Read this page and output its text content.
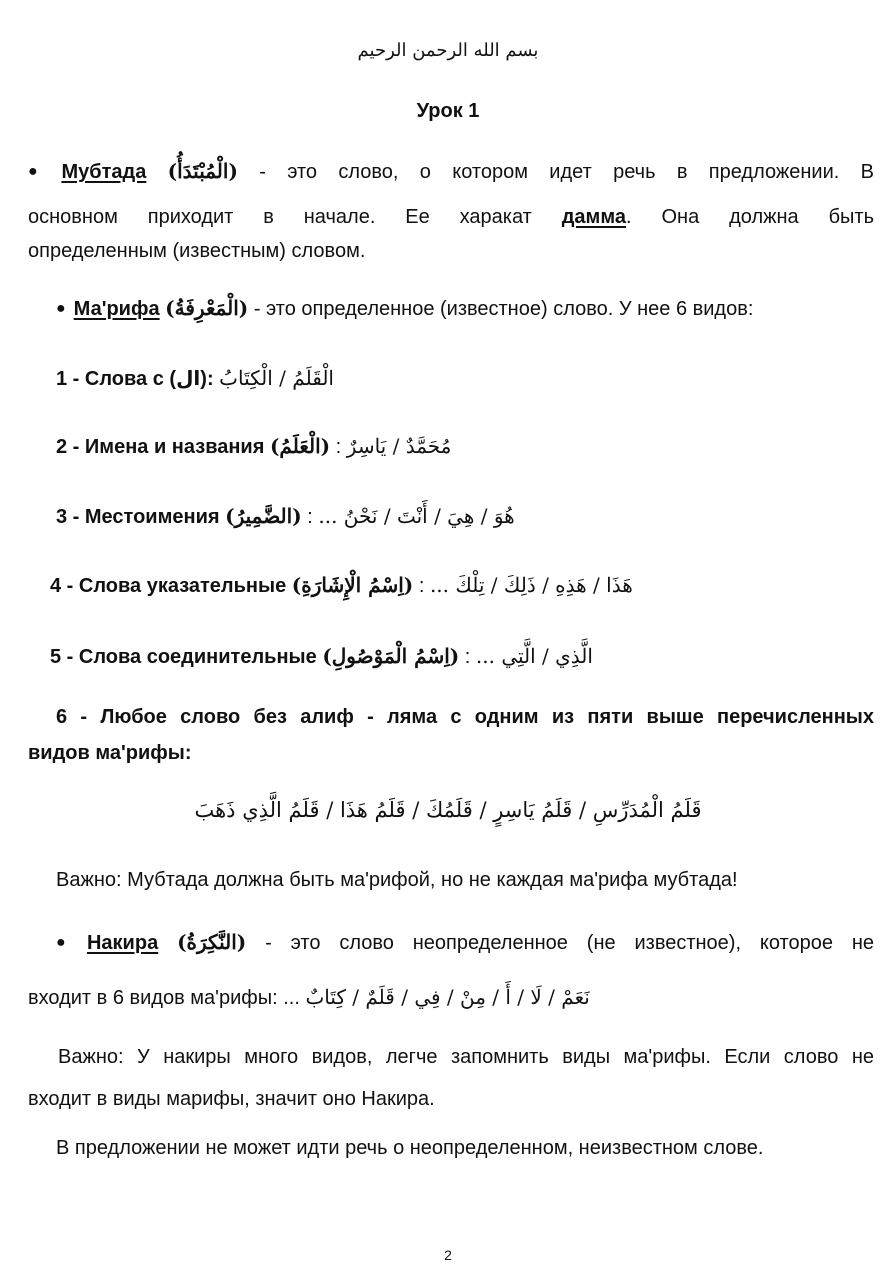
بسم الله الرحمن الرحيم
Урок 1
● Мубтада (الْمُبْتَدَأُ) - это слово, о котором идет речь в предложении. В
основном приходит в начале. Ее харакат дамма. Она должна быть
определенным (известным) словом.
● Ма'рифа (الْمَعْرِفَةُ) - это определенное (известное) слово. У нее 6 видов:
1 - Слова с (ال): الْقَلَمُ / الْكِتَابُ
2 - Имена и названия (الْعَلَمُ) : مُحَمَّدٌ / يَاسِرٌ
3 - Местоимения (الضَّمِيرُ) : هُوَ / هِيَ / أَنْتَ / نَحْنُ ...
4 - Слова указательные (اِسْمُ الْإِشَارَةِ) : هَذَا / هَذِهِ / ذَلِكَ / تِلْكَ ...
5 - Слова соединительные (اِسْمُ الْمَوْصُولِ) : الَّذِي / الَّتِي ...
6 - Любое слово без алиф - ляма с одним из пяти выше перечисленных
видов ма'рифы:
قَلَمُ الْمُدَرِّسِ / قَلَمُ يَاسِرٍ / قَلَمُكَ / قَلَمُ هَذَا / قَلَمُ الَّذِي ذَهَبَ
Важно: Мубтада должна быть ма'рифой, но не каждая ма'рифа мубтада!
● Накира (النَّكِرَةُ) - это слово неопределенное (не известное), которое не
входит в 6 видов ма'рифы: ... نَعَمْ / لَا / أَ / مِنْ / فِي / قَلَمٌ / كِتَابٌ
Важно: У накиры много видов, легче запомнить виды ма'рифы. Если слово не
входит в виды марифы, значит оно Накира.
В предложении не может идти речь о неопределенном, неизвестном слове.
2
